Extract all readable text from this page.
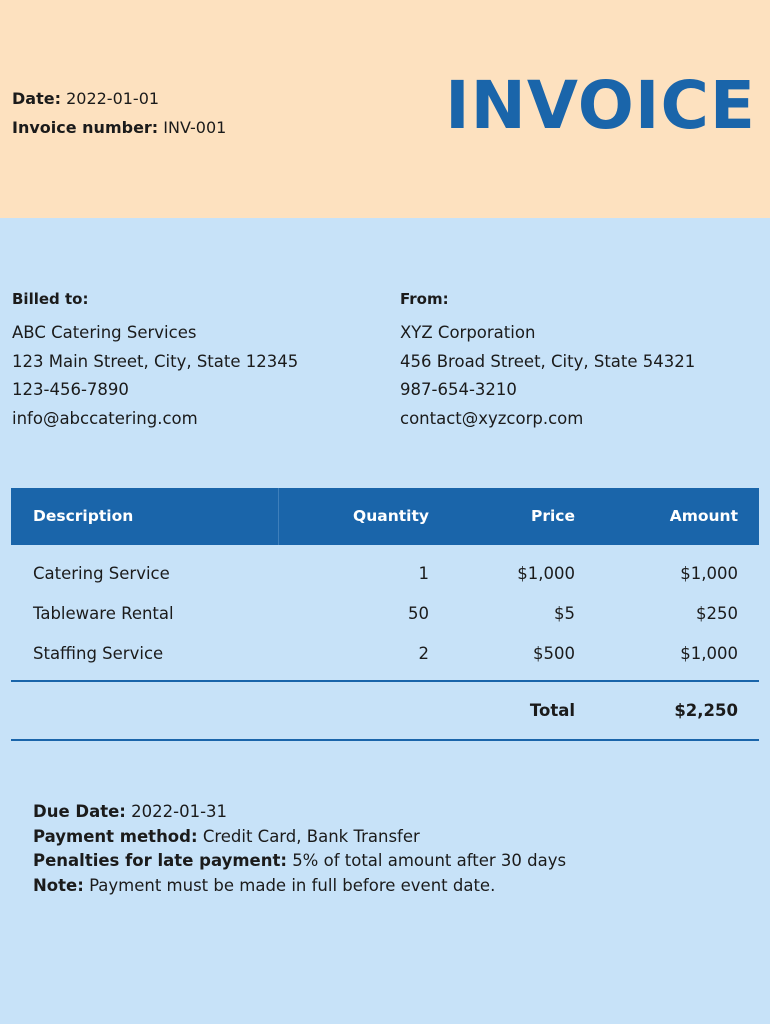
Date: 2022-01-01
Invoice number: INV-001	INVOICE
Billed to:
ABC Catering Services
123 Main Street, City, State 12345
123-456-7890
info@abccatering.com
From:
XYZ Corporation
456 Broad Street, City, State 54321
987-654-3210
contact@xyzcorp.com
Description	Quantity	Price	Amount
Catering Service	1	$1,000	$1,000
Tableware Rental	50	$5	$250
Staffing Service	2	$500	$1,000
Total	$2,250
Due Date: 2022-01-31
Payment method: Credit Card, Bank Transfer
Penalties for late payment: 5% of total amount after 30 days
Note: Payment must be made in full before event date.
